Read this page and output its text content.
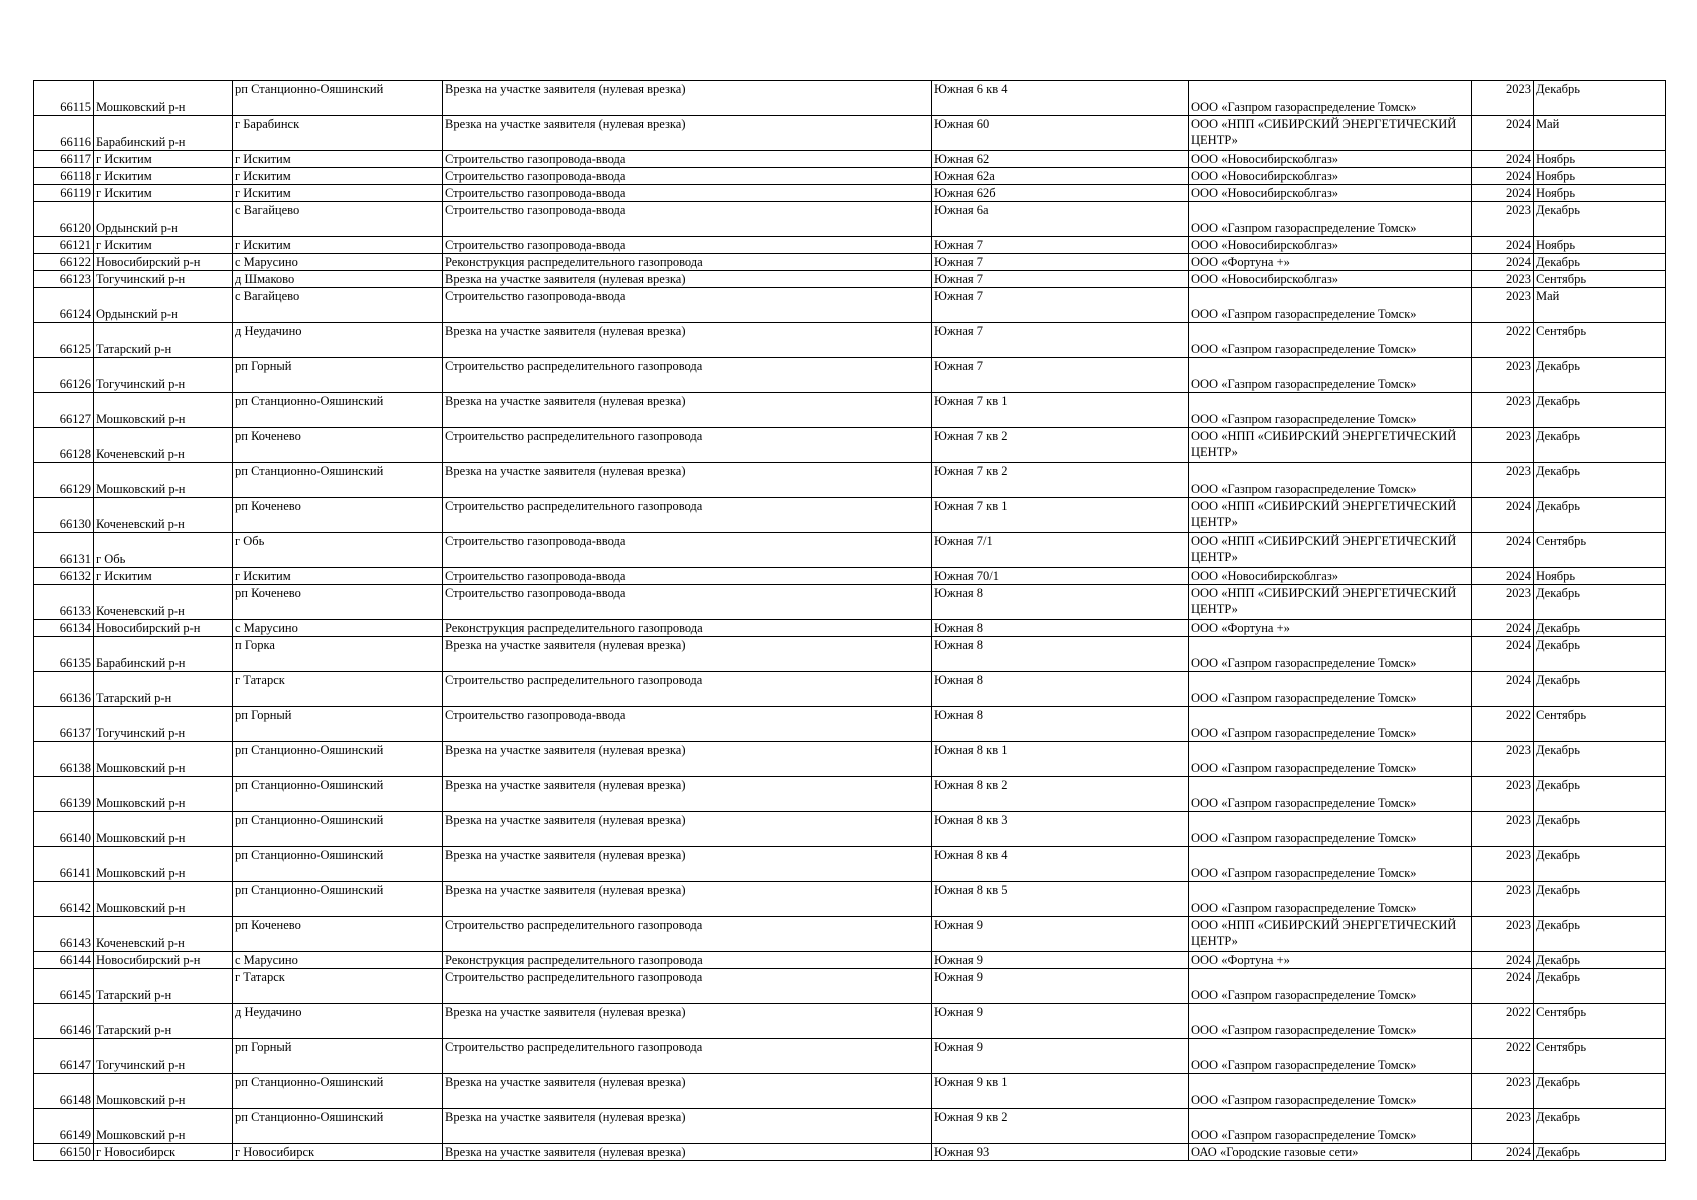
66115	Мошковский р-н	рп Станционно-Ояшинский	Врезка на участке заявителя (нулевая врезка)	Южная 6 кв 4	ООО «Газпром газораспределение Томск»	2023	Декабрь
66116	Барабинский р-н	г Барабинск	Врезка на участке заявителя (нулевая врезка)	Южная 60	ООО «НПП «СИБИРСКИЙ ЭНЕРГЕТИЧЕСКИЙ ЦЕНТР»	2024	Май
66117	г Искитим	г Искитим	Строительство газопровода-ввода	Южная 62	ООО «Новосибирскоблгаз»	2024	Ноябрь
66118	г Искитим	г Искитим	Строительство газопровода-ввода	Южная 62а	ООО «Новосибирскоблгаз»	2024	Ноябрь
66119	г Искитим	г Искитим	Строительство газопровода-ввода	Южная 62б	ООО «Новосибирскоблгаз»	2024	Ноябрь
66120	Ордынский р-н	с Вагайцево	Строительство газопровода-ввода	Южная 6а	ООО «Газпром газораспределение Томск»	2023	Декабрь
66121	г Искитим	г Искитим	Строительство газопровода-ввода	Южная 7	ООО «Новосибирскоблгаз»	2024	Ноябрь
66122	Новосибирский р-н	с Марусино	Реконструкция распределительного газопровода	Южная 7	ООО «Фортуна +»	2024	Декабрь
66123	Тогучинский р-н	д Шмаково	Врезка на участке заявителя (нулевая врезка)	Южная 7	ООО «Новосибирскоблгаз»	2023	Сентябрь
66124	Ордынский р-н	с Вагайцево	Строительство газопровода-ввода	Южная 7	ООО «Газпром газораспределение Томск»	2023	Май
66125	Татарский р-н	д Неудачино	Врезка на участке заявителя (нулевая врезка)	Южная 7	ООО «Газпром газораспределение Томск»	2022	Сентябрь
66126	Тогучинский р-н	рп Горный	Строительство распределительного газопровода	Южная 7	ООО «Газпром газораспределение Томск»	2023	Декабрь
66127	Мошковский р-н	рп Станционно-Ояшинский	Врезка на участке заявителя (нулевая врезка)	Южная 7 кв 1	ООО «Газпром газораспределение Томск»	2023	Декабрь
66128	Коченевский р-н	рп Коченево	Строительство распределительного газопровода	Южная 7 кв 2	ООО «НПП «СИБИРСКИЙ ЭНЕРГЕТИЧЕСКИЙ ЦЕНТР»	2023	Декабрь
66129	Мошковский р-н	рп Станционно-Ояшинский	Врезка на участке заявителя (нулевая врезка)	Южная 7 кв 2	ООО «Газпром газораспределение Томск»	2023	Декабрь
66130	Коченевский р-н	рп Коченево	Строительство распределительного газопровода	Южная 7 кв 1	ООО «НПП «СИБИРСКИЙ ЭНЕРГЕТИЧЕСКИЙ ЦЕНТР»	2024	Декабрь
66131	г Обь	г Обь	Строительство газопровода-ввода	Южная 7/1	ООО «НПП «СИБИРСКИЙ ЭНЕРГЕТИЧЕСКИЙ ЦЕНТР»	2024	Сентябрь
66132	г Искитим	г Искитим	Строительство газопровода-ввода	Южная 70/1	ООО «Новосибирскоблгаз»	2024	Ноябрь
66133	Коченевский р-н	рп Коченево	Строительство газопровода-ввода	Южная 8	ООО «НПП «СИБИРСКИЙ ЭНЕРГЕТИЧЕСКИЙ ЦЕНТР»	2023	Декабрь
66134	Новосибирский р-н	с Марусино	Реконструкция распределительного газопровода	Южная 8	ООО «Фортуна +»	2024	Декабрь
66135	Барабинский р-н	п Горка	Врезка на участке заявителя (нулевая врезка)	Южная 8	ООО «Газпром газораспределение Томск»	2024	Декабрь
66136	Татарский р-н	г Татарск	Строительство распределительного газопровода	Южная 8	ООО «Газпром газораспределение Томск»	2024	Декабрь
66137	Тогучинский р-н	рп Горный	Строительство газопровода-ввода	Южная 8	ООО «Газпром газораспределение Томск»	2022	Сентябрь
66138	Мошковский р-н	рп Станционно-Ояшинский	Врезка на участке заявителя (нулевая врезка)	Южная 8 кв 1	ООО «Газпром газораспределение Томск»	2023	Декабрь
66139	Мошковский р-н	рп Станционно-Ояшинский	Врезка на участке заявителя (нулевая врезка)	Южная 8 кв 2	ООО «Газпром газораспределение Томск»	2023	Декабрь
66140	Мошковский р-н	рп Станционно-Ояшинский	Врезка на участке заявителя (нулевая врезка)	Южная 8 кв 3	ООО «Газпром газораспределение Томск»	2023	Декабрь
66141	Мошковский р-н	рп Станционно-Ояшинский	Врезка на участке заявителя (нулевая врезка)	Южная 8 кв 4	ООО «Газпром газораспределение Томск»	2023	Декабрь
66142	Мошковский р-н	рп Станционно-Ояшинский	Врезка на участке заявителя (нулевая врезка)	Южная 8 кв 5	ООО «Газпром газораспределение Томск»	2023	Декабрь
66143	Коченевский р-н	рп Коченево	Строительство распределительного газопровода	Южная 9	ООО «НПП «СИБИРСКИЙ ЭНЕРГЕТИЧЕСКИЙ ЦЕНТР»	2023	Декабрь
66144	Новосибирский р-н	с Марусино	Реконструкция распределительного газопровода	Южная 9	ООО «Фортуна +»	2024	Декабрь
66145	Татарский р-н	г Татарск	Строительство распределительного газопровода	Южная 9	ООО «Газпром газораспределение Томск»	2024	Декабрь
66146	Татарский р-н	д Неудачино	Врезка на участке заявителя (нулевая врезка)	Южная 9	ООО «Газпром газораспределение Томск»	2022	Сентябрь
66147	Тогучинский р-н	рп Горный	Строительство распределительного газопровода	Южная 9	ООО «Газпром газораспределение Томск»	2022	Сентябрь
66148	Мошковский р-н	рп Станционно-Ояшинский	Врезка на участке заявителя (нулевая врезка)	Южная 9 кв 1	ООО «Газпром газораспределение Томск»	2023	Декабрь
66149	Мошковский р-н	рп Станционно-Ояшинский	Врезка на участке заявителя (нулевая врезка)	Южная 9 кв 2	ООО «Газпром газораспределение Томск»	2023	Декабрь
66150	г Новосибирск	г Новосибирск	Врезка на участке заявителя (нулевая врезка)	Южная 93	ОАО «Городские газовые сети»	2024	Декабрь
